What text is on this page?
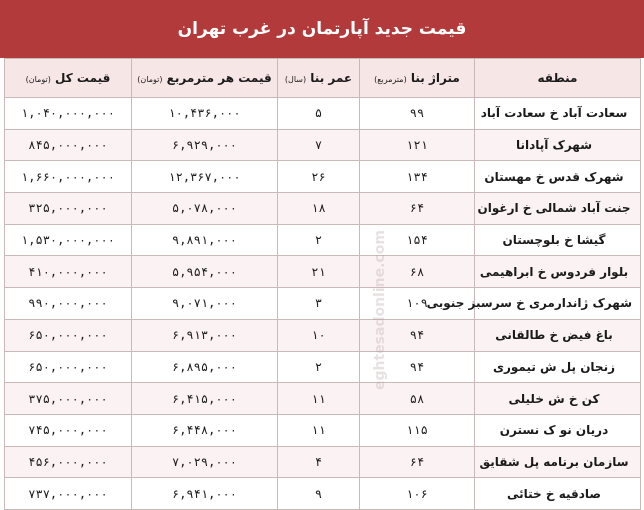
قیمت جدید آپارتمان در غرب تهران
منطقه	متراژ بنا (مترمربع)	عمر بنا (سال)	قیمت هر مترمربع (تومان)	قیمت کل (تومان)
سعادت آباد خ سعادت آباد	۹۹	۵	۱۰,۴۳۶,۰۰۰	۱,۰۴۰,۰۰۰,۰۰۰
شهرک آپادانا	۱۲۱	۷	۶,۹۲۹,۰۰۰	۸۴۵,۰۰۰,۰۰۰
شهرک قدس خ مهستان	۱۳۴	۲۶	۱۲,۳۶۷,۰۰۰	۱,۶۶۰,۰۰۰,۰۰۰
جنت آباد شمالی خ ارغوان	۶۴	۱۸	۵,۰۷۸,۰۰۰	۳۲۵,۰۰۰,۰۰۰
گیشا خ بلوچستان	۱۵۴	۲	۹,۸۹۱,۰۰۰	۱,۵۳۰,۰۰۰,۰۰۰
بلوار فردوس خ ابراهیمی	۶۸	۲۱	۵,۹۵۴,۰۰۰	۴۱۰,۰۰۰,۰۰۰
شهرک ژاندارمری خ سرسبز جنوبی	۱۰۹	۳	۹,۰۷۱,۰۰۰	۹۹۰,۰۰۰,۰۰۰
باغ فیض خ طالقانی	۹۴	۱۰	۶,۹۱۳,۰۰۰	۶۵۰,۰۰۰,۰۰۰
زنجان پل ش تیموری	۹۴	۲	۶,۸۹۵,۰۰۰	۶۵۰,۰۰۰,۰۰۰
کن خ ش خلیلی	۵۸	۱۱	۶,۴۱۵,۰۰۰	۳۷۵,۰۰۰,۰۰۰
دریان نو ک نسترن	۱۱۵	۱۱	۶,۴۴۸,۰۰۰	۷۴۵,۰۰۰,۰۰۰
سازمان برنامه پل شقایق	۶۴	۴	۷,۰۲۹,۰۰۰	۴۵۶,۰۰۰,۰۰۰
صادقیه خ ختائی	۱۰۶	۹	۶,۹۴۱,۰۰۰	۷۳۷,۰۰۰,۰۰۰
eghtesadonline.com
